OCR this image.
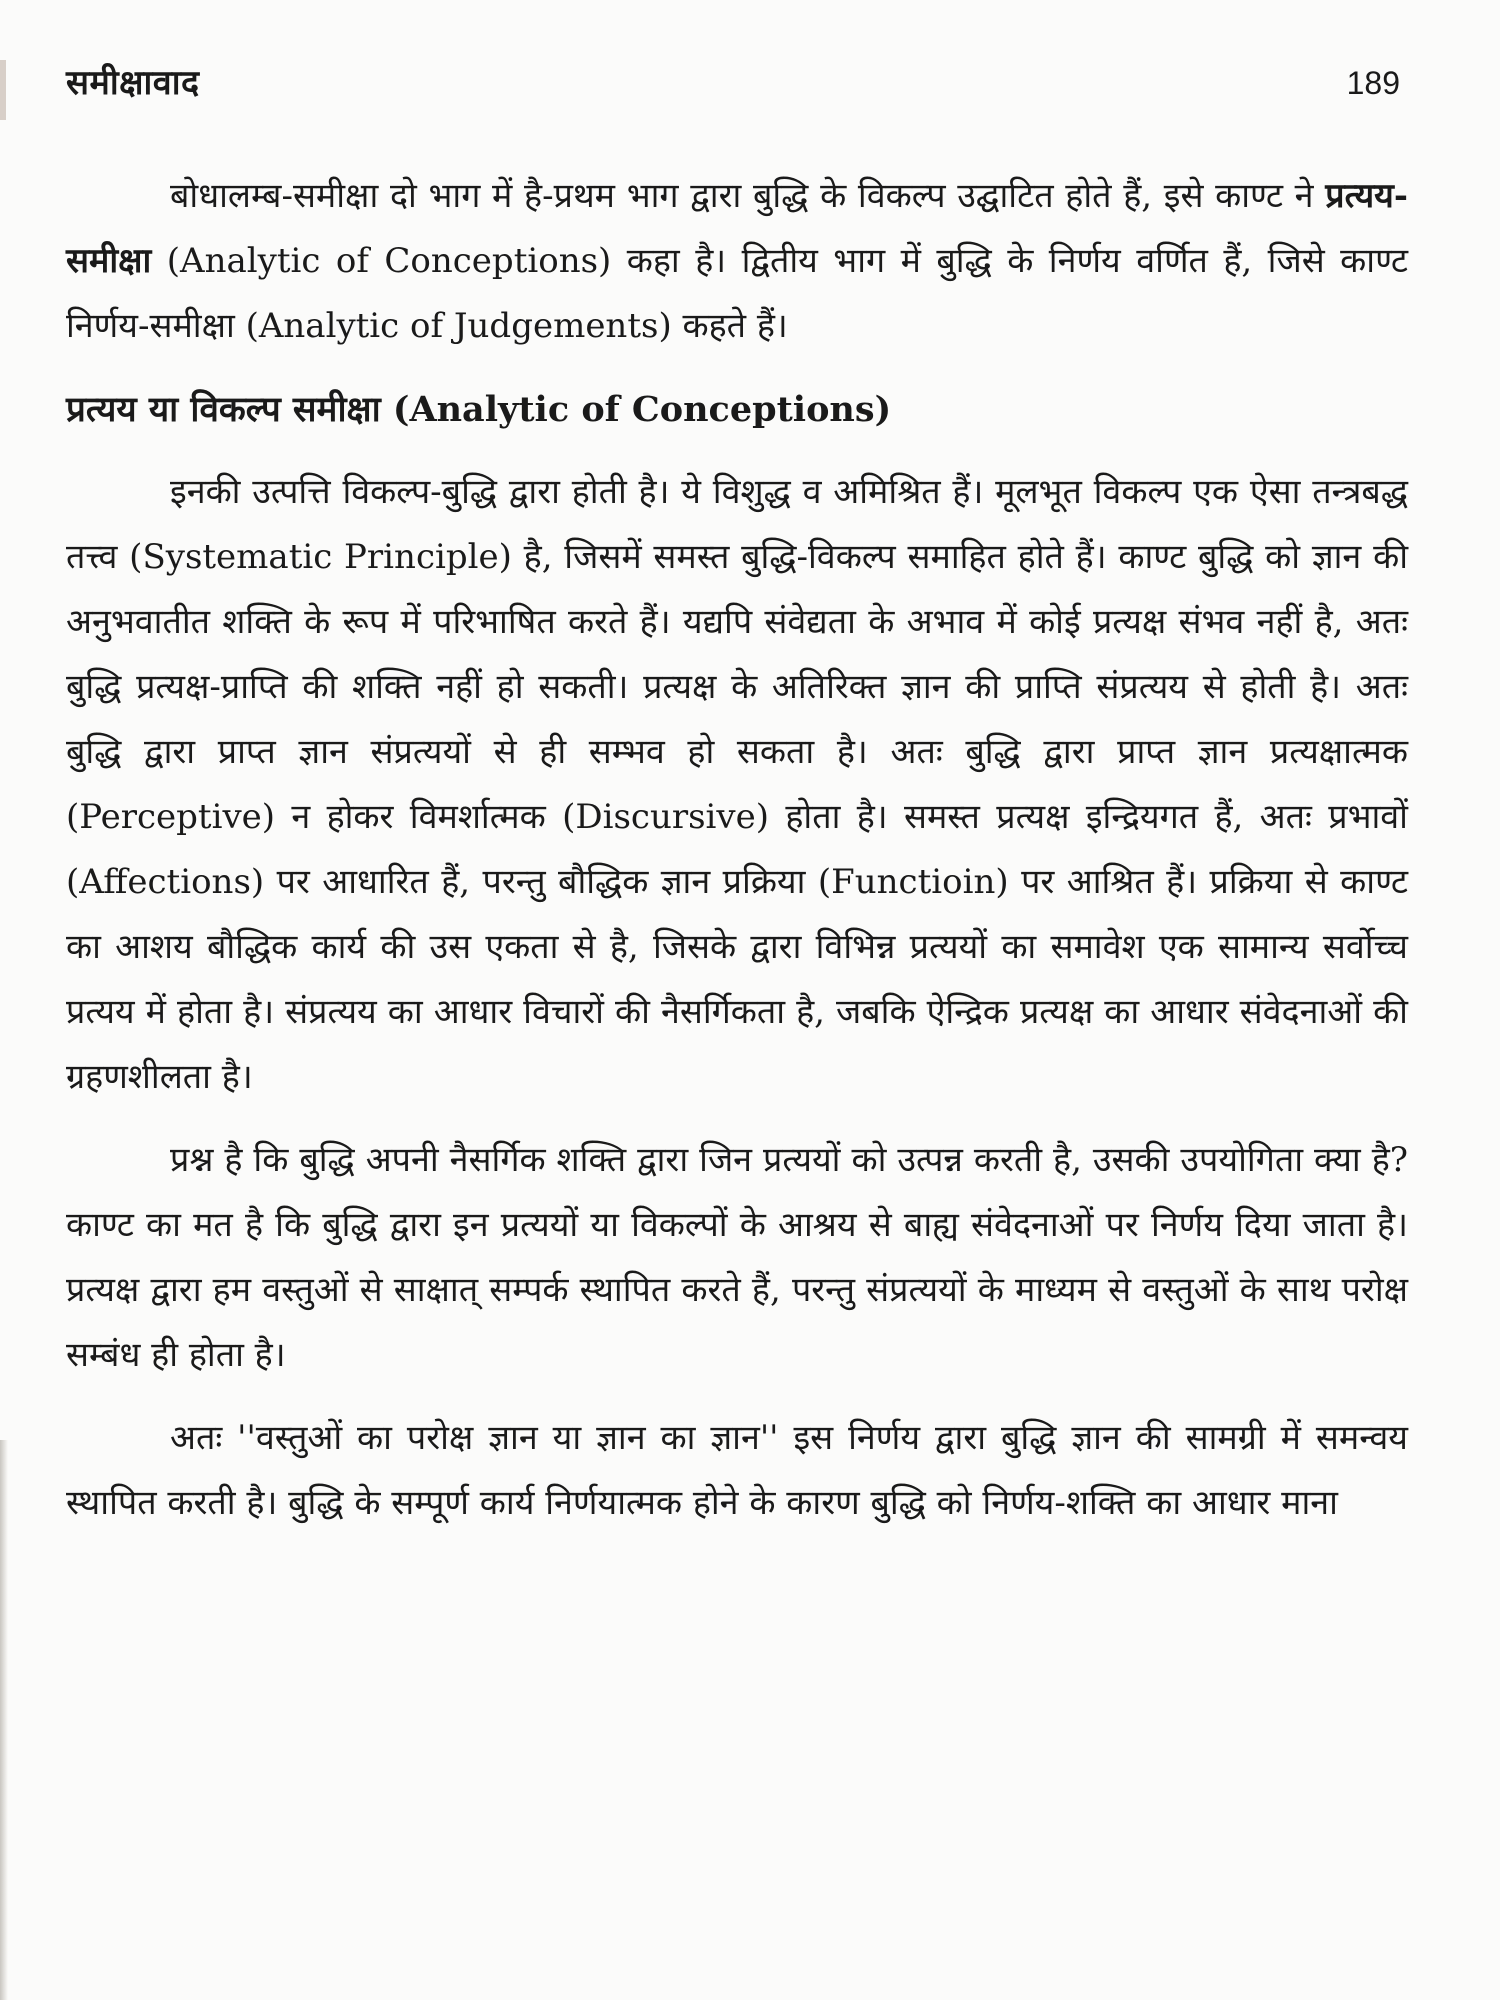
समीक्षावाद	189

बोधालम्ब-समीक्षा दो भाग में है-प्रथम भाग द्वारा बुद्धि के विकल्प उद्घाटित होते हैं, इसे काण्ट ने प्रत्यय-समीक्षा (Analytic of Conceptions) कहा है। द्वितीय भाग में बुद्धि के निर्णय वर्णित हैं, जिसे काण्ट निर्णय-समीक्षा (Analytic of Judgements) कहते हैं।

प्रत्यय या विकल्प समीक्षा (Analytic of Conceptions)

इनकी उत्पत्ति विकल्प-बुद्धि द्वारा होती है। ये विशुद्ध व अमिश्रित हैं। मूलभूत विकल्प एक ऐसा तन्त्रबद्ध तत्त्व (Systematic Principle) है, जिसमें समस्त बुद्धि-विकल्प समाहित होते हैं। काण्ट बुद्धि को ज्ञान की अनुभवातीत शक्ति के रूप में परिभाषित करते हैं। यद्यपि संवेद्यता के अभाव में कोई प्रत्यक्ष संभव नहीं है, अतः बुद्धि प्रत्यक्ष-प्राप्ति की शक्ति नहीं हो सकती। प्रत्यक्ष के अतिरिक्त ज्ञान की प्राप्ति संप्रत्यय से होती है। अतः बुद्धि द्वारा प्राप्त ज्ञान संप्रत्ययों से ही सम्भव हो सकता है। अतः बुद्धि द्वारा प्राप्त ज्ञान प्रत्यक्षात्मक (Perceptive) न होकर विमर्शात्मक (Discursive) होता है। समस्त प्रत्यक्ष इन्द्रियगत हैं, अतः प्रभावों (Affections) पर आधारित हैं, परन्तु बौद्धिक ज्ञान प्रक्रिया (Functioin) पर आश्रित हैं। प्रक्रिया से काण्ट का आशय बौद्धिक कार्य की उस एकता से है, जिसके द्वारा विभिन्न प्रत्ययों का समावेश एक सामान्य सर्वोच्च प्रत्यय में होता है। संप्रत्यय का आधार विचारों की नैसर्गिकता है, जबकि ऐन्द्रिक प्रत्यक्ष का आधार संवेदनाओं की ग्रहणशीलता है।

प्रश्न है कि बुद्धि अपनी नैसर्गिक शक्ति द्वारा जिन प्रत्ययों को उत्पन्न करती है, उसकी उपयोगिता क्या है? काण्ट का मत है कि बुद्धि द्वारा इन प्रत्ययों या विकल्पों के आश्रय से बाह्य संवेदनाओं पर निर्णय दिया जाता है। प्रत्यक्ष द्वारा हम वस्तुओं से साक्षात् सम्पर्क स्थापित करते हैं, परन्तु संप्रत्ययों के माध्यम से वस्तुओं के साथ परोक्ष सम्बंध ही होता है।

अतः ''वस्तुओं का परोक्ष ज्ञान या ज्ञान का ज्ञान'' इस निर्णय द्वारा बुद्धि ज्ञान की सामग्री में समन्वय स्थापित करती है। बुद्धि के सम्पूर्ण कार्य निर्णयात्मक होने के कारण बुद्धि को निर्णय-शक्ति का आधार माना
